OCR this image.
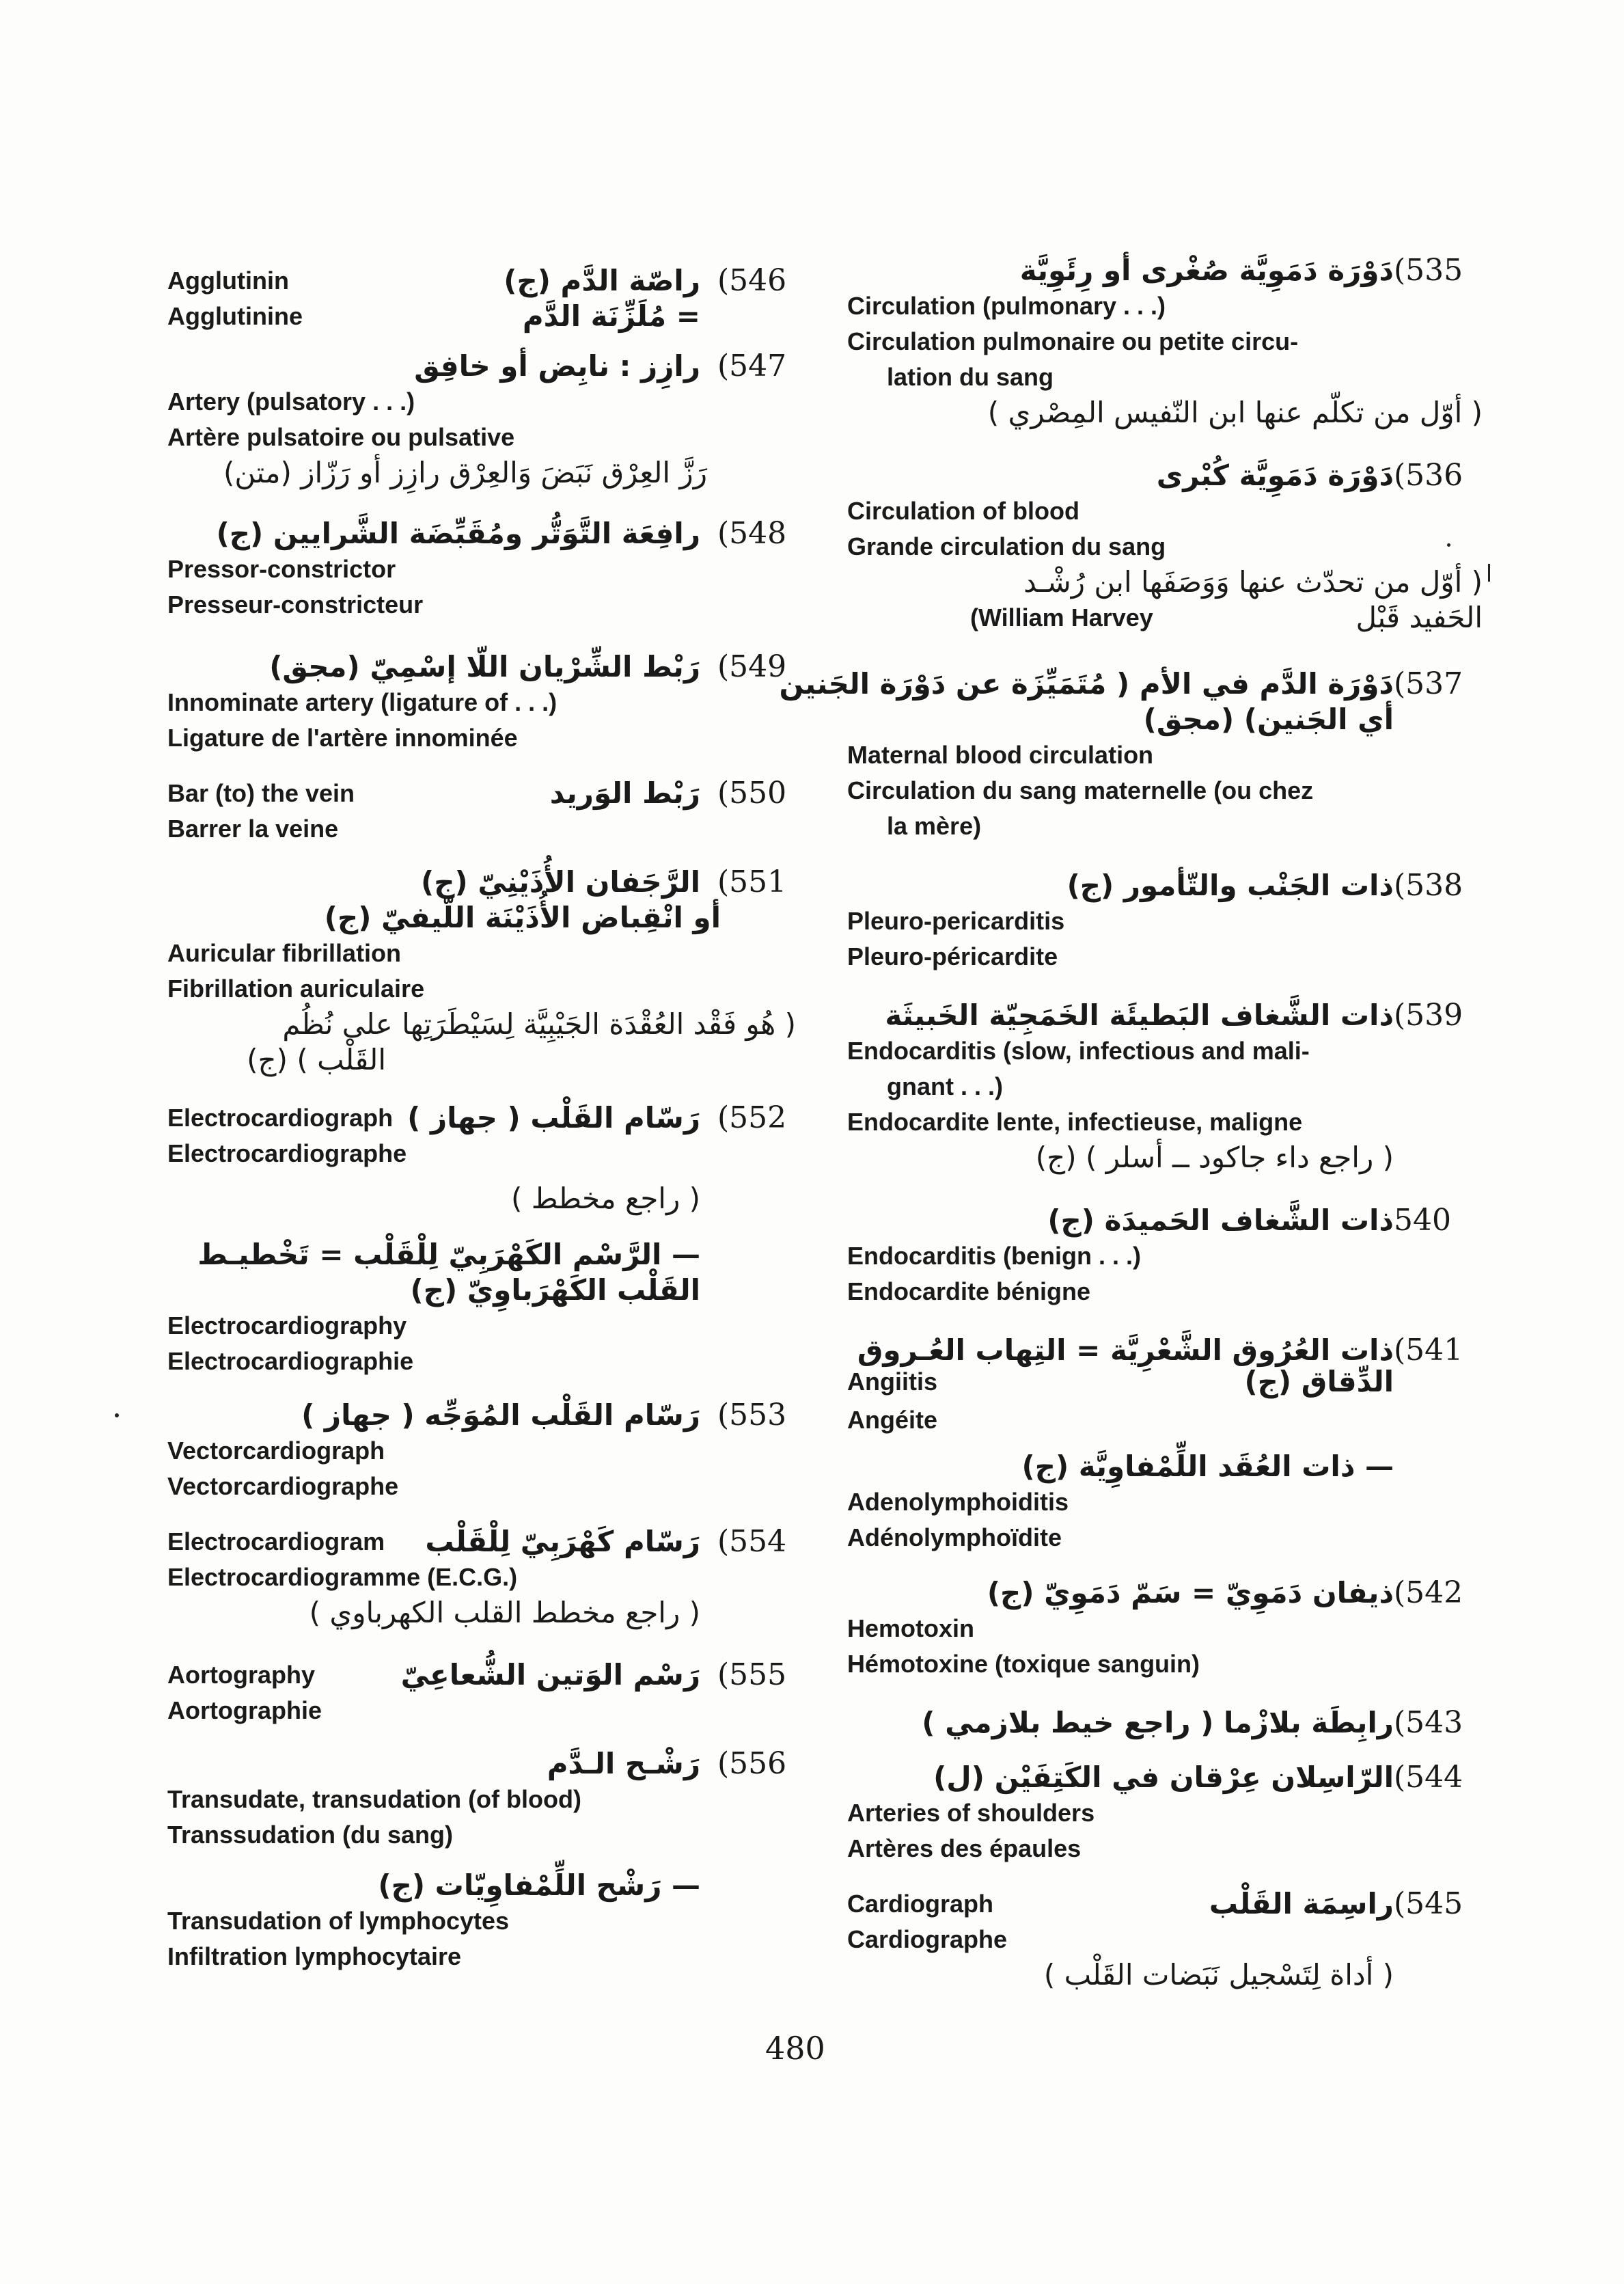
(535
دَوْرَة دَمَوِيَّة صُغْرى أو رِئَوِيَّة
Circulation (pulmonary . . .)
Circulation pulmonaire ou petite circu-
lation du sang
( أوّل من تكلّم عنها ابن النّفيس المِصْري )
(536
دَوْرَة دَمَوِيَّة كُبْرى
Circulation of blood
Grande circulation du sang
( أوّل من تحدّث عنها وَوَصَفَها ابن رُشْـد
(William Harvey	الحَفيد قَبْل
(537
دَوْرَة الدَّم في الأم ( مُتَمَيِّزَة عن دَوْرَة الجَنين
أي الجَنين) (مجق)
Maternal blood circulation
Circulation du sang maternelle (ou chez
la mère)
(538
ذات الجَنْب والتّأمور (ج)
Pleuro-pericarditis
Pleuro-péricardite
(539
ذات الشَّغاف البَطيئَة الخَمَجِيّة الخَبيثَة
Endocarditis (slow, infectious and mali-
gnant . . .)
Endocardite lente, infectieuse, maligne
( راجع داء جاكود ــ أسلر ) (ج)
540
ذات الشَّغاف الحَميدَة (ج)
Endocarditis (benign . . .)
Endocardite bénigne
(541
ذات العُرُوق الشَّعْرِيَّة = التِهاب العُـروق
Angiitis	الدِّقاق (ج)
Angéite
— ذات العُقَد اللِّمْفاوِيَّة (ج)
Adenolymphoiditis
Adénolymphoïdite
(542
ذيفان دَمَوِيّ = سَمّ دَمَوِيّ (ج)
Hemotoxin
Hémotoxine (toxique sanguin)
(543
رابِطَة بلازْما ( راجع خيط بلازمي )
(544
الرّاسِلان عِرْقان في الكَتِفَيْن (ل)
Arteries of shoulders
Artères des épaules
(545
Cardiograph	راسِمَة القَلْب
Cardiographe
( أداة لِتَسْجيل نَبَضات القَلْب )
(546
Agglutinin	راصّة الدَّم (ج)
Agglutinine	= مُلَزِّنَة الدَّم
(547
رازِز : نابِض أو خافِق
Artery (pulsatory . . .)
Artère pulsatoire ou pulsative
رَزَّ العِرْق نَبَضَ وَالعِرْق رازِز أو رَزّاز (متن)
(548
رافِعَة التَّوَتُّر ومُقَبِّضَة الشَّرايين (ج)
Pressor-constrictor
Presseur-constricteur
(549
رَبْط الشِّرْيان اللّا إسْمِيّ (مجق)
Innominate artery (ligature of . . .)
Ligature de l'artère innominée
(550
Bar (to) the vein	رَبْط الوَريد
Barrer la veine
(551
الرَّجَفان الأُذَيْنِيّ (ج)
أو انْقِباض الأُذَيْنَة اللّيفيّ (ج)
Auricular fibrillation
Fibrillation auriculaire
( هُو فَقْد العُقْدَة الجَيْبِيَّة لِسَيْطَرَتِها على نُظُم
القَلْب ) (ج)
(552
Electrocardiograph رَسّام القَلْب ( جهاز )
Electrocardiographe
( راجع مخطط )
— الرَّسْم الكَهْرَبِيّ لِلْقَلْب = تَخْطيـط
القَلْب الكَهْرَباوِيّ (ج)
Electrocardiography
Electrocardiographie
(553
رَسّام القَلْب المُوَجِّه ( جهاز )
Vectorcardiograph
Vectorcardiographe
(554
Electrocardiogram رَسّام كَهْرَبِيّ لِلْقَلْب
Electrocardiogramme (E.C.G.)
( راجع مخطط القلب الكهرباوي )
(555
Aortography	رَسْم الوَتين الشُّعاعِيّ
Aortographie
(556
رَشْـح الـدَّم
Transudate, transudation (of blood)
Transsudation (du sang)
— رَشْح اللِّمْفاوِيّات (ج)
Transudation of lymphocytes
Infiltration lymphocytaire
480
